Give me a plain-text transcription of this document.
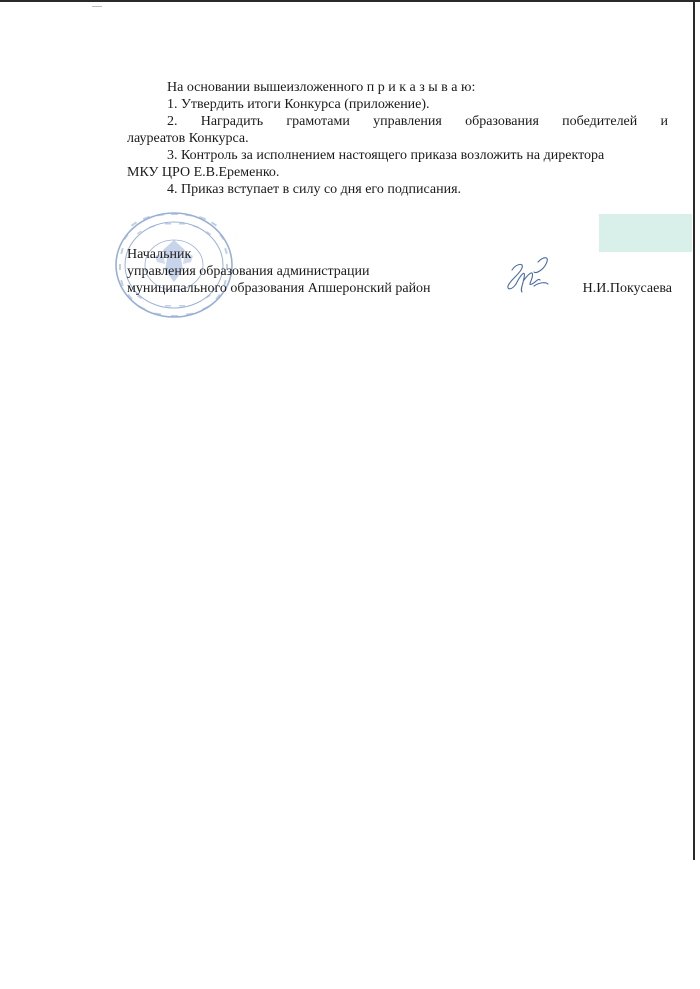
На основании вышеизложенного п р и к а з ы в а ю:

1. Утвердить итоги Конкурса (приложение).

2. Наградить грамотами управления образования победителей и

лауреатов Конкурса.

3. Контроль за исполнением настоящего приказа возложить на директора

МКУ ЦРО Е.В.Еременко.

4. Приказ вступает в силу со дня его подписания.

Начальник

управления образования администрации

муниципального образования Апшеронский район	Н.И.Покусаева
